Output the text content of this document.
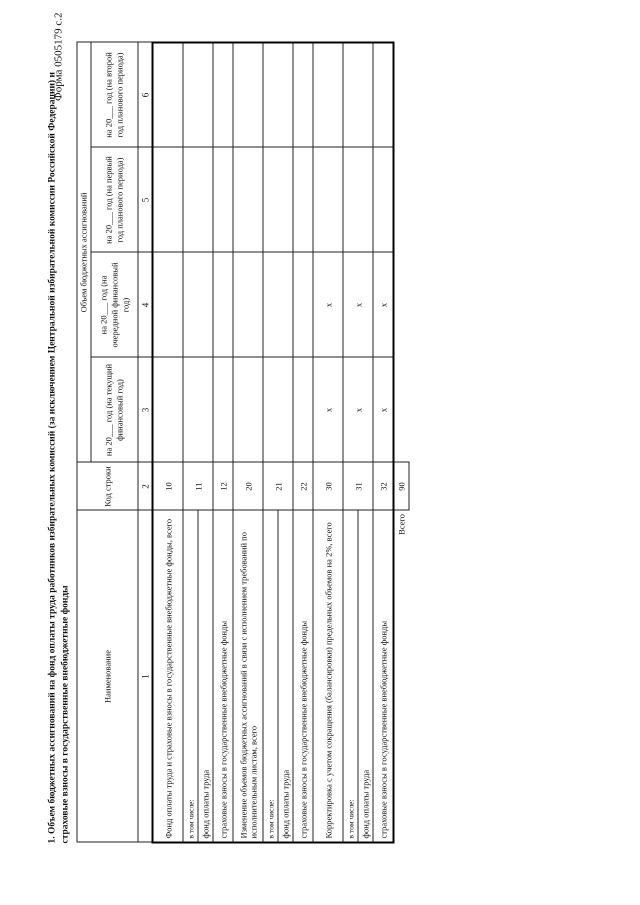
Форма 0505179 с.2
1. Объем бюджетных ассигнований на фонд оплаты труда работников избирательных комиссий (за исключением Центральной избирательной комиссии Российской Федерации) и страховые взносы в государственные внебюджетные фонды	Наименование	Код строки	Объем бюджетных ассигнований			
		на 20___ год (на текущий финансовый год)	на 20___ год (на очередной финансовый год)	на 20___ год (на первый год планового периода)	на 20___ год (на второй год планового периода)
1	2	3	4	5	6
Фонд оплаты труда и страховые взносы в государственные внебюджетные фонды, всего	10				
в том числе:	11				
фонд оплаты труда					
страховые взносы в государственные внебюджетные фонды	12				
Изменение объемов бюджетных ассигнований в связи с исполнением требований по исполнительным листам, всего	20				
в том числе:	21				
фонд оплаты труда					
страховые взносы в государственные внебюджетные фонды	22				
Корректировка с учетом сокращения (балансировки) предельных объемов на 2%, всего	30	x	x		
в том числе:	31	x	x		
фонд оплаты труда					
страховые взносы в государственные внебюджетные фонды	32	x	x		
Всего	90				
